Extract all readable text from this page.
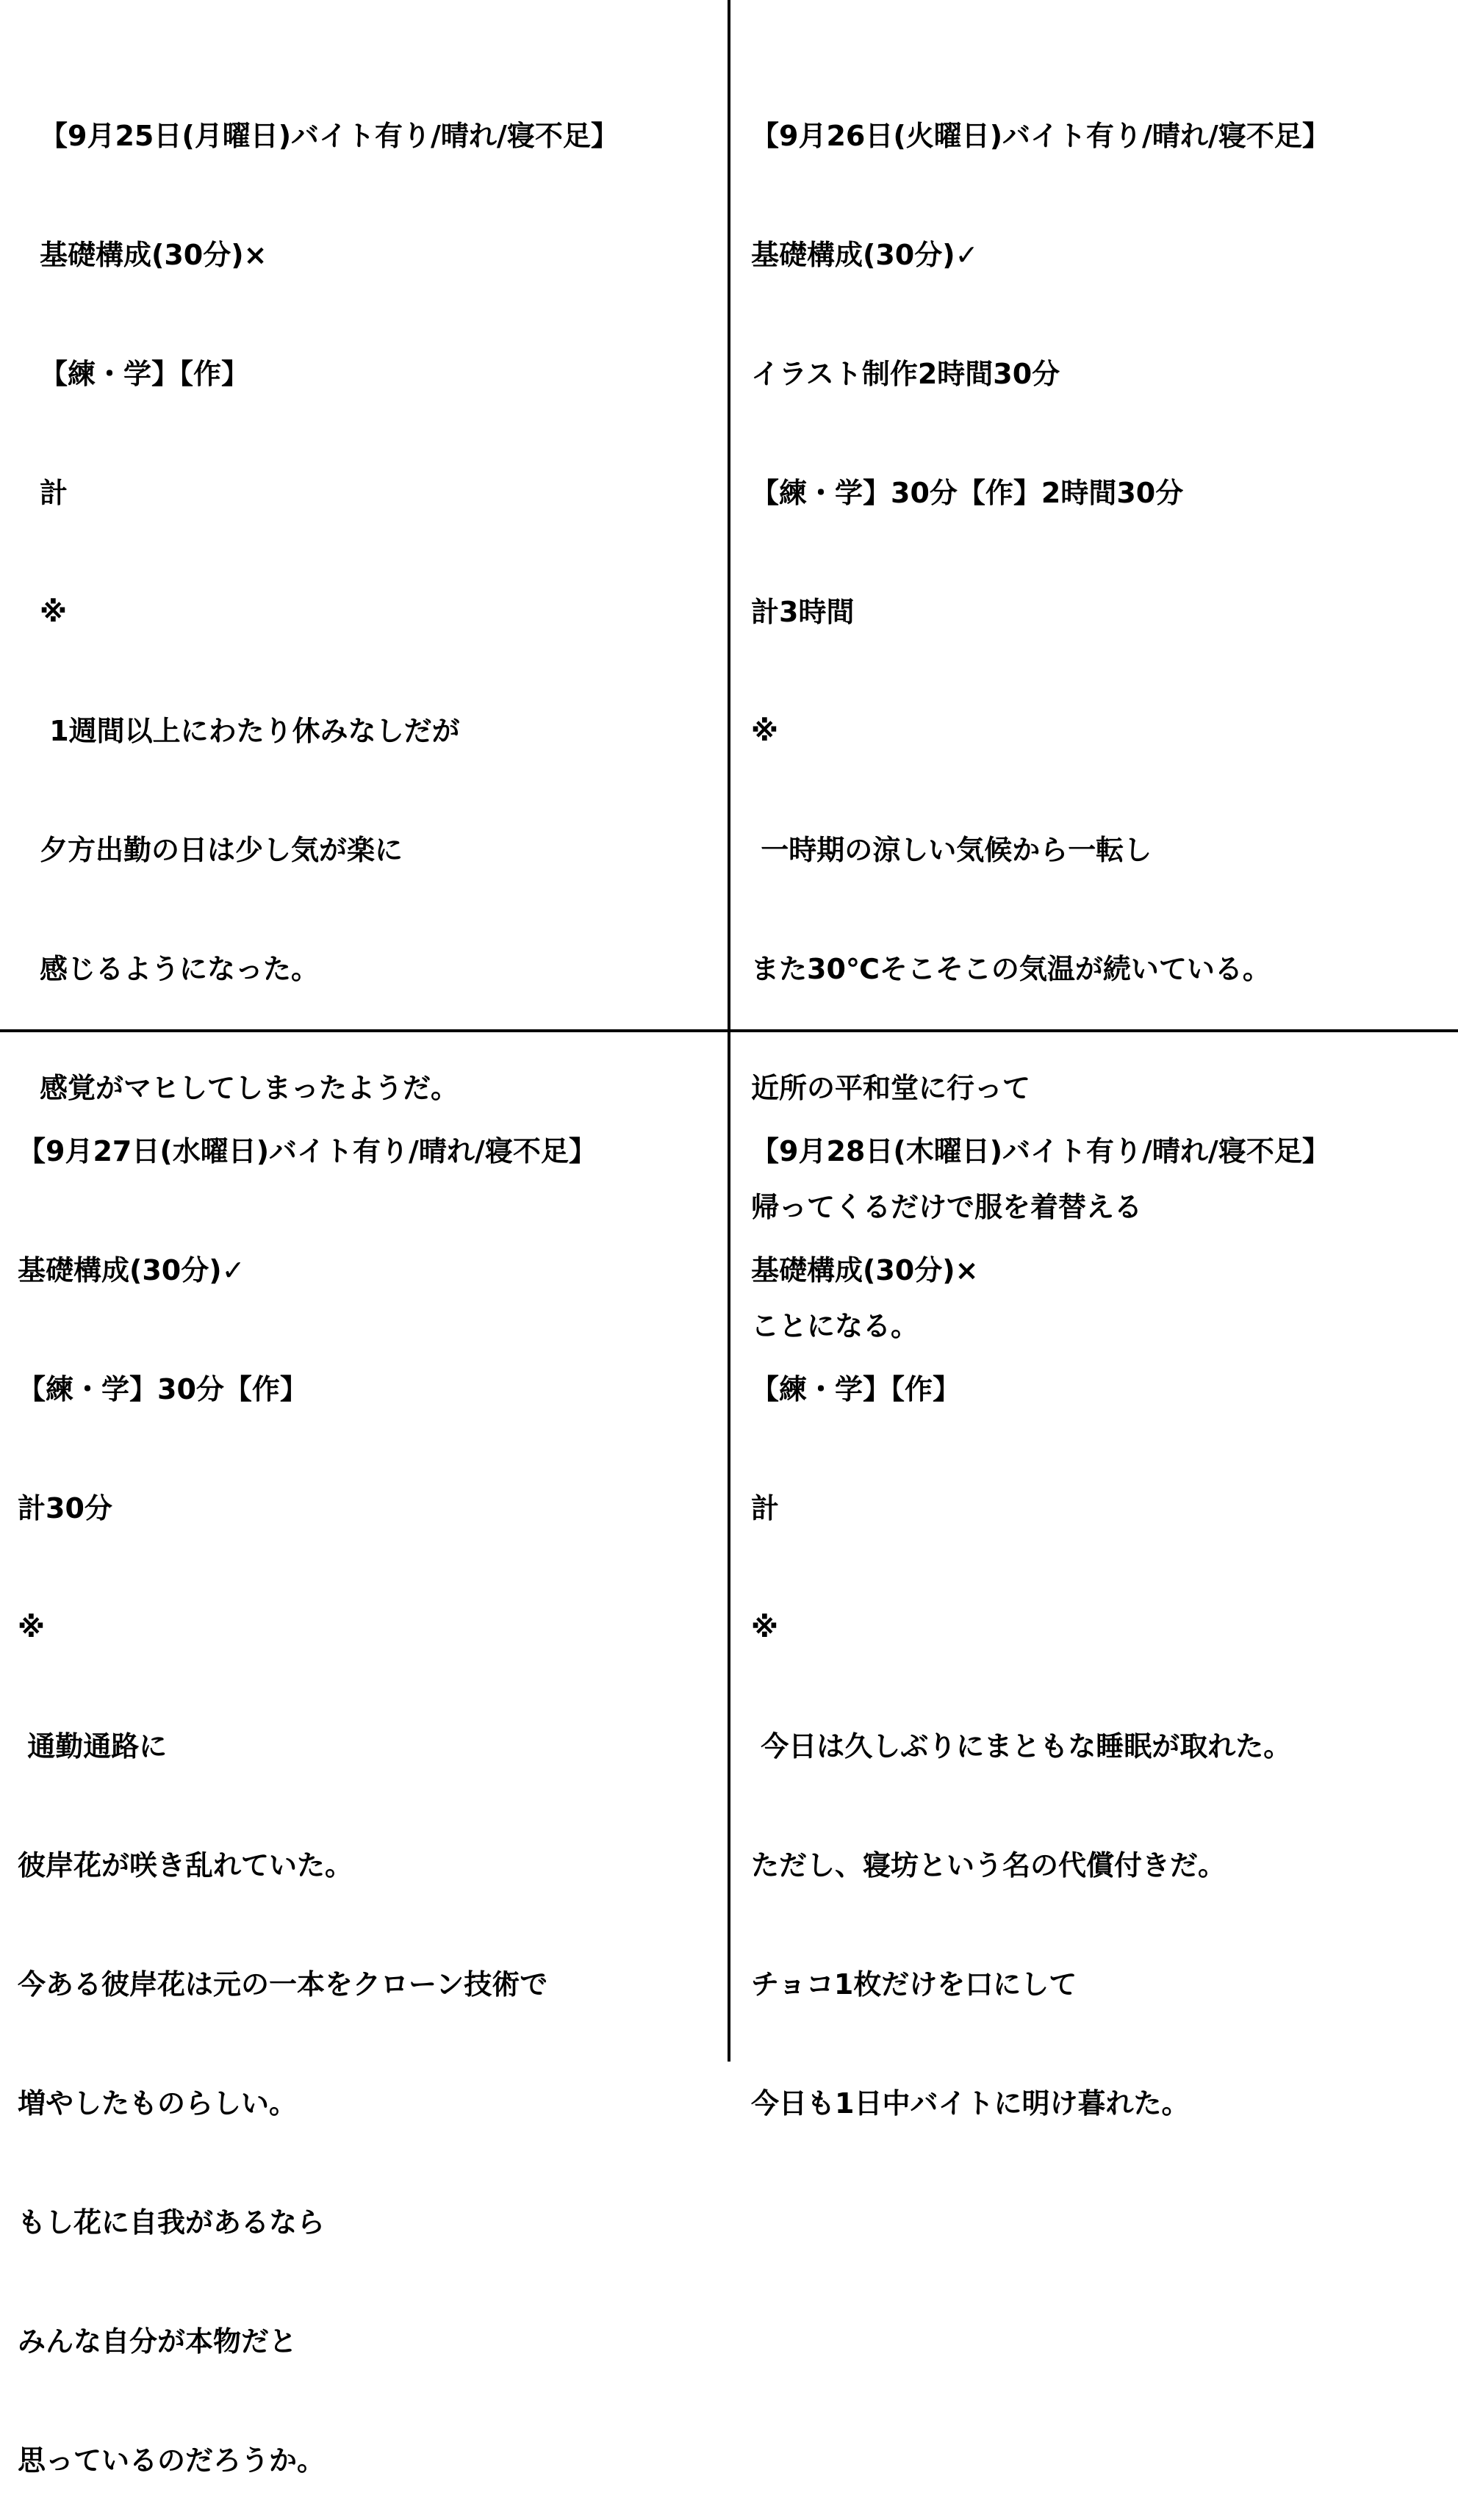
【9月25日(月曜日)バイト有り/晴れ/寝不足】

基礎構成(30分)×

【練・学】【作】

計

※

1週間以上にわたり休みなしだが

夕方出勤の日は少し気が楽に

感じるようになった。

感覚がマヒしてしまったようだ。

【9月26日(火曜日)バイト有り/晴れ/寝不足】

基礎構成(30分)✓

イラスト制作2時間30分

【練・学】30分【作】2時間30分

計3時間

※

一時期の涼しい気候から一転し

また30℃そこそこの気温が続いている。

近所の平和堂に行って

帰ってくるだけで服を着替える

ことになる。

【9月27日(水曜日)バイト有り/晴れ/寝不足】

基礎構成(30分)✓

【練・学】30分【作】

計30分

※

通勤通路に

彼岸花が咲き乱れていた。

今ある彼岸花は元の一本をクローン技術で

増やしたものらしい。

もし花に自我があるなら

みんな自分が本物だと

思っているのだろうか。

【9月28日(木曜日)バイト有り/晴れ/寝不足】

基礎構成(30分)×

【練・学】【作】

計

※

今日は久しぶりにまともな睡眠が取れた。

ただし、寝坊という名の代償付きだ。

チョコ1枚だけを口にして

今日も1日中バイトに明け暮れた。
